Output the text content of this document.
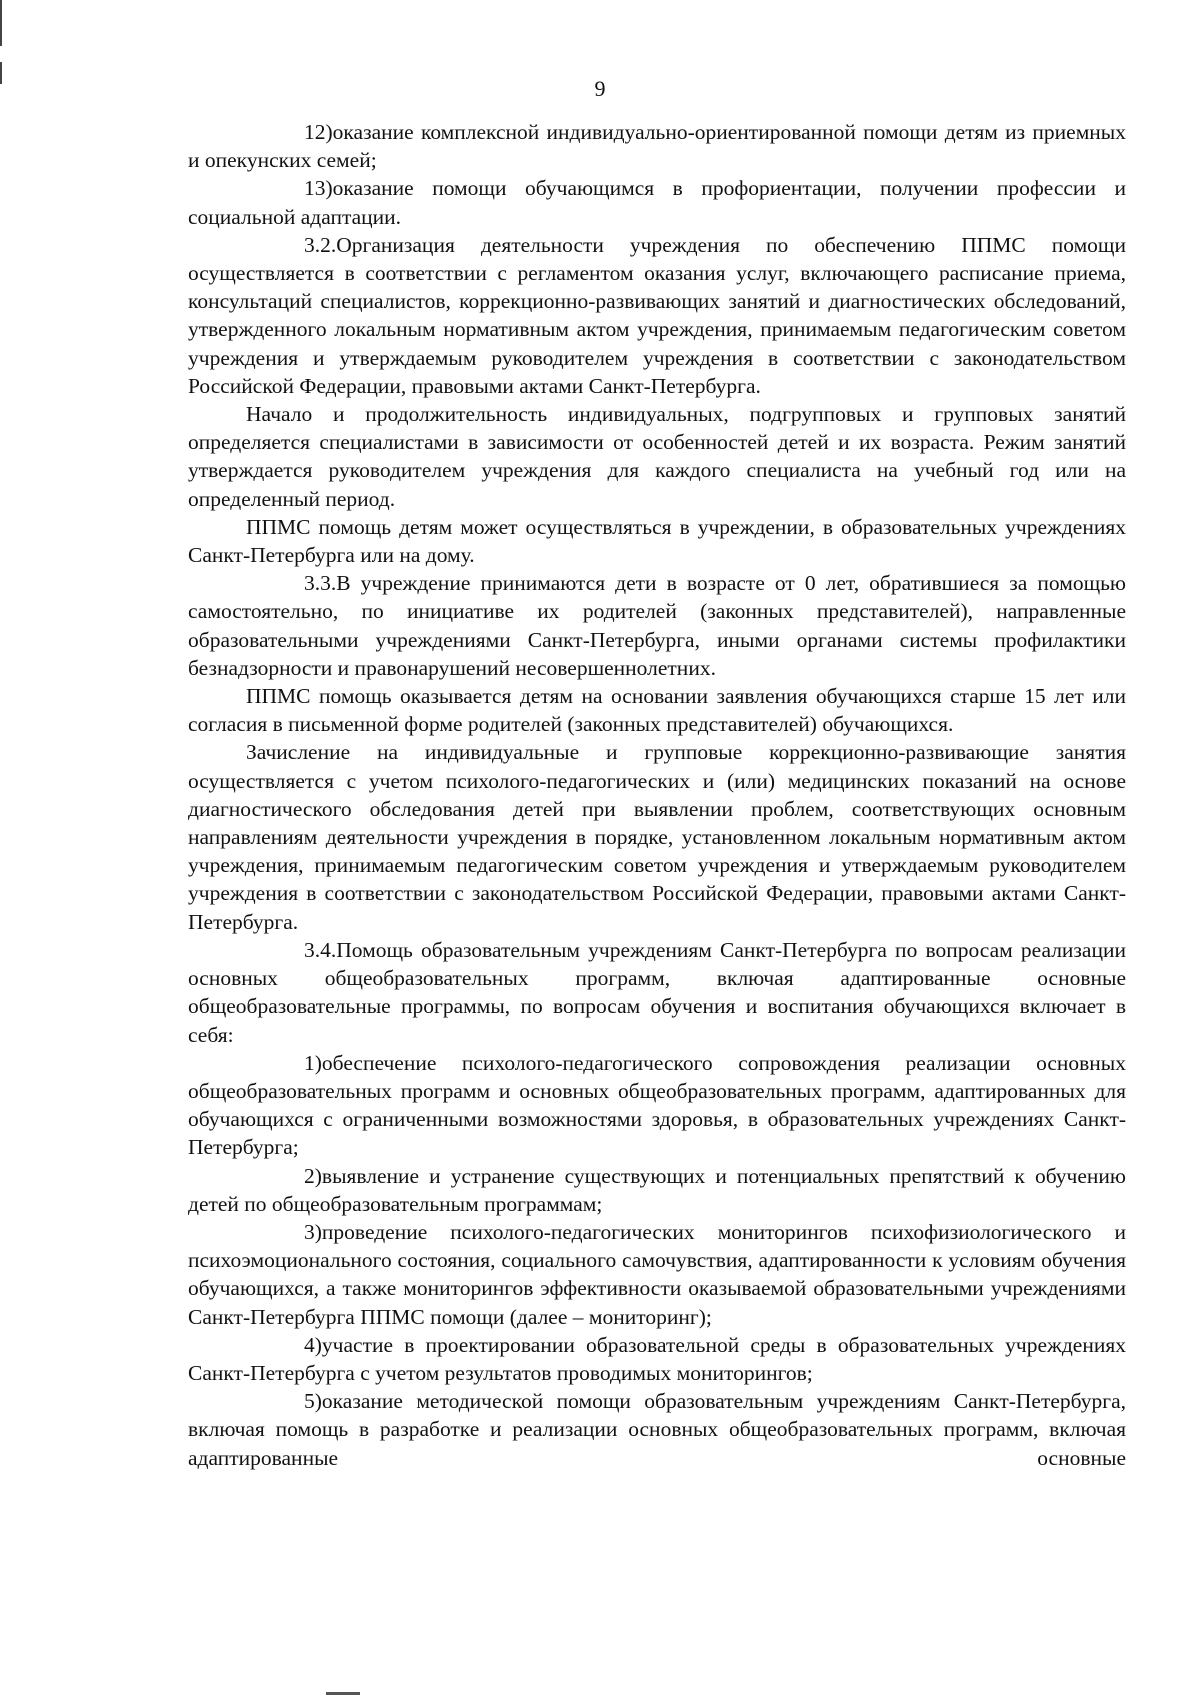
9

12)оказание комплексной индивидуально-ориентированной помощи детям из приемных и опекунских семей;

13)оказание помощи обучающимся в профориентации, получении профессии и социальной адаптации.

3.2.Организация деятельности учреждения по обеспечению ППМС помощи осуществляется в соответствии с регламентом оказания услуг, включающего расписание приема, консультаций специалистов, коррекционно-развивающих занятий и диагностических обследований, утвержденного локальным нормативным актом учреждения, принимаемым педагогическим советом учреждения и утверждаемым руководителем учреждения в соответствии с законодательством Российской Федерации, правовыми актами Санкт-Петербурга.

Начало и продолжительность индивидуальных, подгрупповых и групповых занятий определяется специалистами в зависимости от особенностей детей и их возраста. Режим занятий утверждается руководителем учреждения для каждого специалиста на учебный год или на определенный период.

ППМС помощь детям может осуществляться в учреждении, в образовательных учреждениях Санкт-Петербурга или на дому.

3.3.В учреждение принимаются дети в возрасте от 0 лет, обратившиеся за помощью самостоятельно, по инициативе их родителей (законных представителей), направленные образовательными учреждениями Санкт-Петербурга, иными органами системы профилактики безнадзорности и правонарушений несовершеннолетних.

ППМС помощь оказывается детям на основании заявления обучающихся старше 15 лет или согласия в письменной форме родителей (законных представителей) обучающихся.

Зачисление на индивидуальные и групповые коррекционно-развивающие занятия осуществляется с учетом психолого-педагогических и (или) медицинских показаний на основе диагностического обследования детей при выявлении проблем, соответствующих основным направлениям деятельности учреждения в порядке, установленном локальным нормативным актом учреждения, принимаемым педагогическим советом учреждения и утверждаемым руководителем учреждения в соответствии с законодательством Российской Федерации, правовыми актами Санкт-Петербурга.

3.4.Помощь образовательным учреждениям Санкт-Петербурга по вопросам реализации основных общеобразовательных программ, включая адаптированные основные общеобразовательные программы, по вопросам обучения и воспитания обучающихся включает в себя:

1)обеспечение психолого-педагогического сопровождения реализации основных общеобразовательных программ и основных общеобразовательных программ, адаптированных для обучающихся с ограниченными возможностями здоровья, в образовательных учреждениях Санкт-Петербурга;

2)выявление и устранение существующих и потенциальных препятствий к обучению детей по общеобразовательным программам;

3)проведение психолого-педагогических мониторингов психофизиологического и психоэмоционального состояния, социального самочувствия, адаптированности к условиям обучения обучающихся, а также мониторингов эффективности оказываемой образовательными учреждениями Санкт-Петербурга ППМС помощи (далее – мониторинг);

4)участие в проектировании образовательной среды в образовательных учреждениях Санкт-Петербурга с учетом результатов проводимых мониторингов;

5)оказание методической помощи образовательным учреждениям Санкт-Петербурга, включая помощь в разработке и реализации основных общеобразовательных программ, включая адаптированные основные
